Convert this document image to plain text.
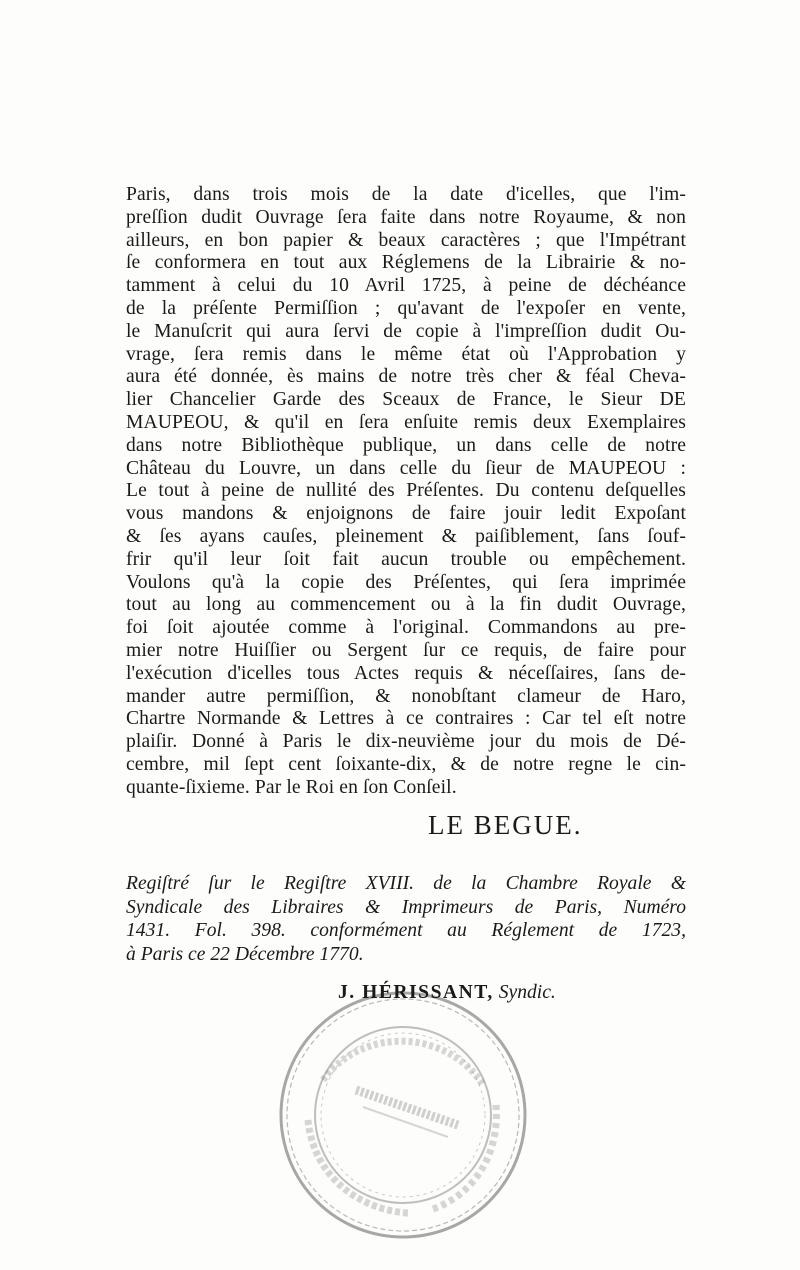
Paris, dans trois mois de la date d'icelles, que l'im-
preſſion dudit Ouvrage ſera faite dans notre Royaume, & non
ailleurs, en bon papier & beaux caractères ; que l'Impétrant
ſe conformera en tout aux Réglemens de la Librairie & no-
tamment à celui du 10 Avril 1725, à peine de déchéance
de la préſente Permiſſion ; qu'avant de l'expoſer en vente,
le Manuſcrit qui aura ſervi de copie à l'impreſſion dudit Ou-
vrage, ſera remis dans le même état où l'Approbation y
aura été donnée, ès mains de notre très cher & féal Cheva-
lier Chancelier Garde des Sceaux de France, le Sieur DE
MAUPEOU, & qu'il en ſera enſuite remis deux Exemplaires
dans notre Bibliothèque publique, un dans celle de notre
Château du Louvre, un dans celle du ſieur de MAUPEOU :
Le tout à peine de nullité des Préſentes. Du contenu deſquelles
vous mandons & enjoignons de faire jouir ledit Expoſant
& ſes ayans cauſes, pleinement & paiſiblement, ſans ſouf-
frir qu'il leur ſoit fait aucun trouble ou empêchement.
Voulons qu'à la copie des Préſentes, qui ſera imprimée
tout au long au commencement ou à la fin dudit Ouvrage,
foi ſoit ajoutée comme à l'original. Commandons au pre-
mier notre Huiſſier ou Sergent ſur ce requis, de faire pour
l'exécution d'icelles tous Actes requis & néceſſaires, ſans de-
mander autre permiſſion, & nonobſtant clameur de Haro,
Chartre Normande & Lettres à ce contraires : Car tel eſt notre
plaiſir. Donné à Paris le dix-neuvième jour du mois de Dé-
cembre, mil ſept cent ſoixante-dix, & de notre regne le cin-
quante-ſixieme. Par le Roi en ſon Conſeil.
LE BEGUE.
Regiſtré ſur le Regiſtre XVIII. de la Chambre Royale &
Syndicale des Libraires & Imprimeurs de Paris, Numéro
1431. Fol. 398. conformément au Réglement de 1723,
à Paris ce 22 Décembre 1770.
J. HÉRISSANT, Syndic.
